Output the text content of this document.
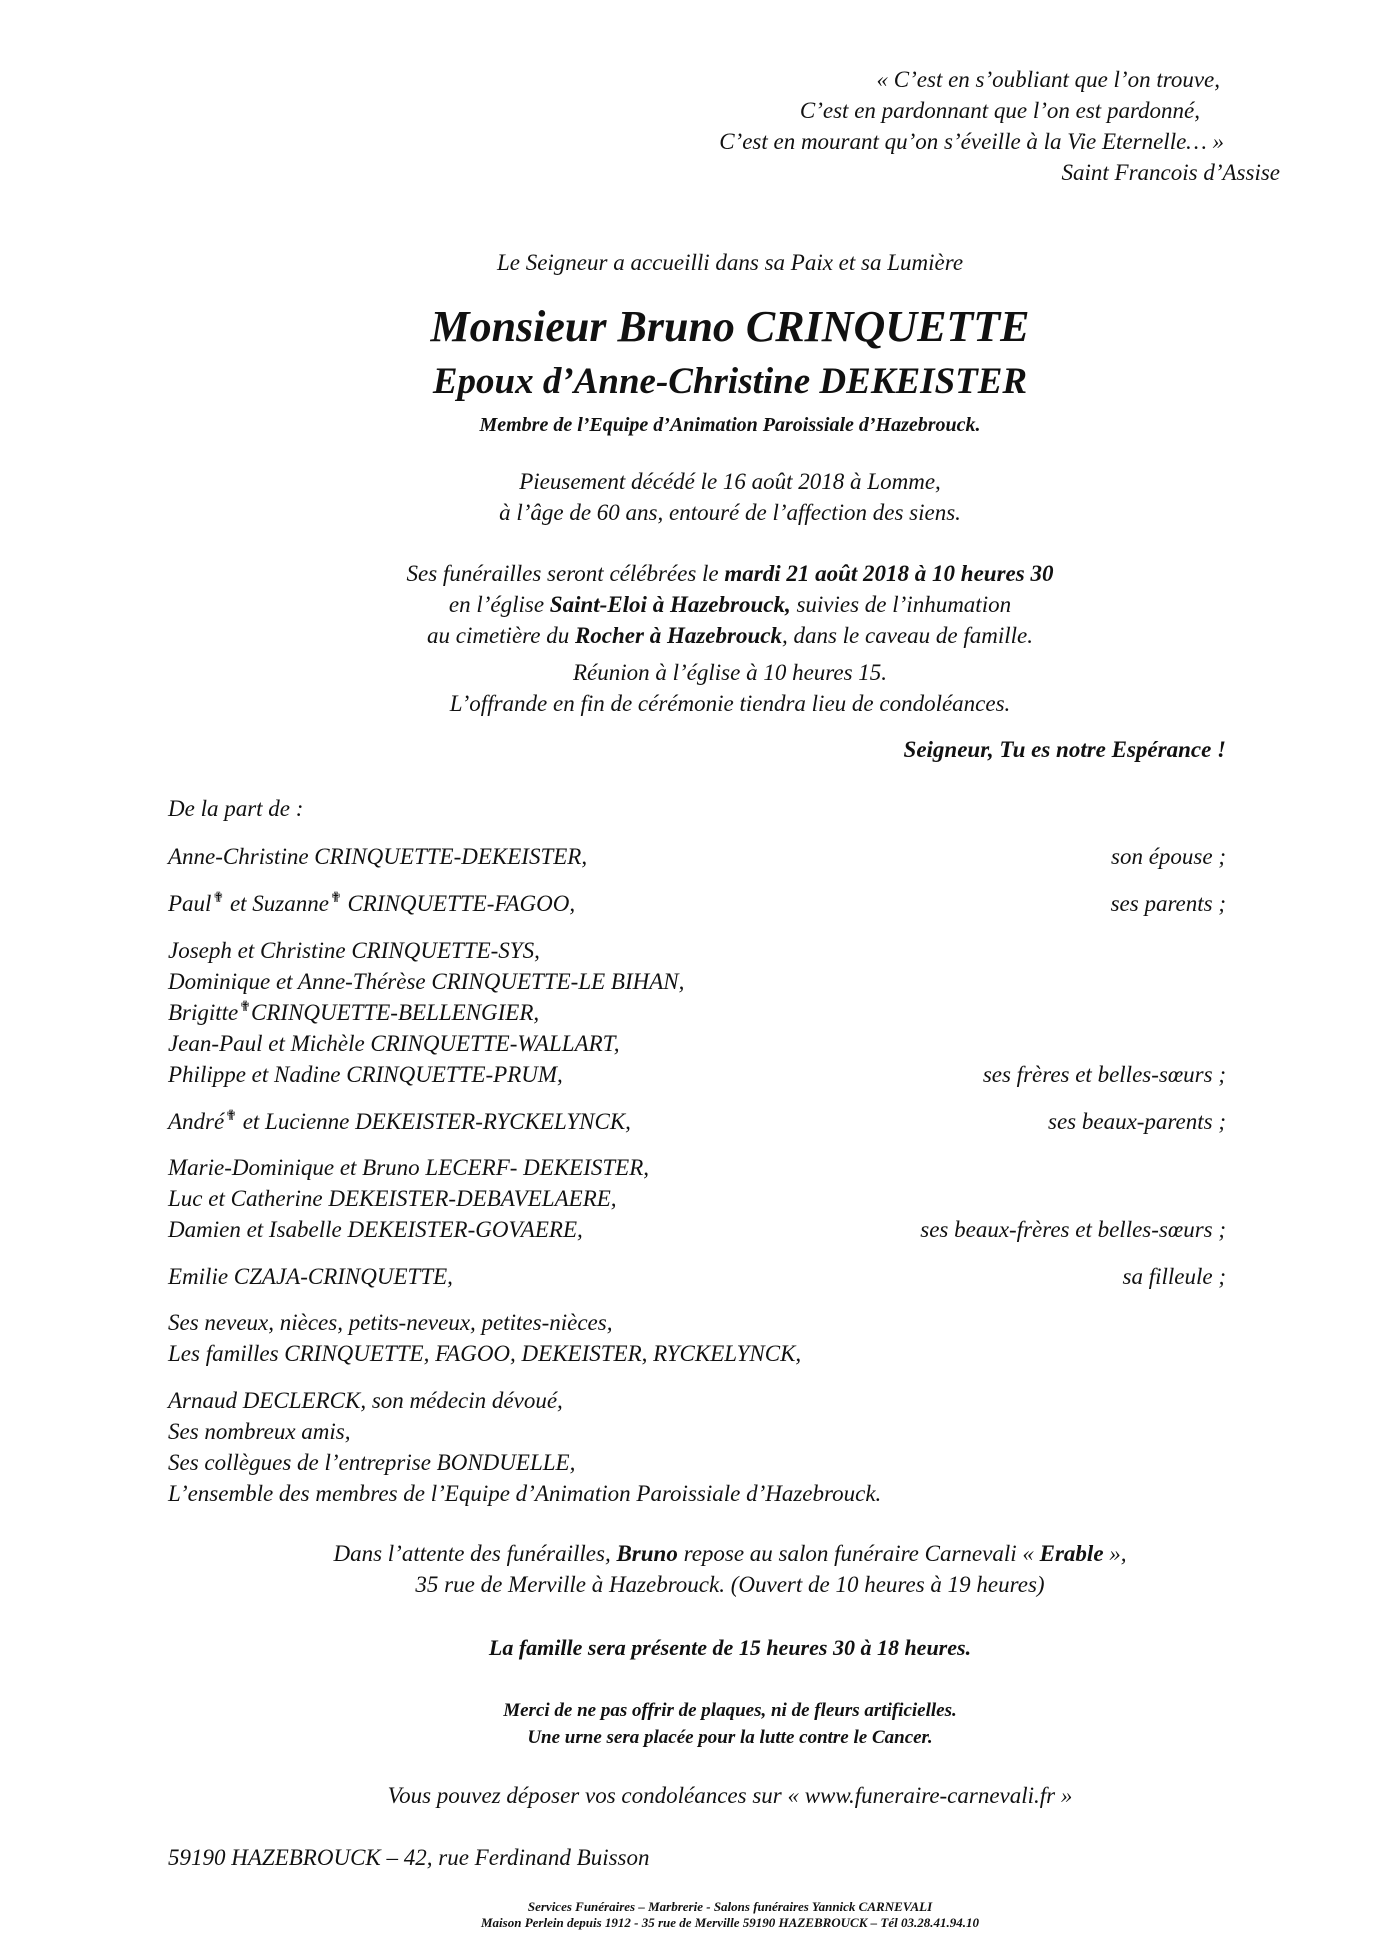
« C’est en s’oubliant que l’on trouve,
C’est en pardonnant que l’on est pardonné,
C’est en mourant qu’on s’éveille à la Vie Eternelle… »
Saint Francois d’Assise
Le Seigneur a accueilli dans sa Paix et sa Lumière
Monsieur Bruno CRINQUETTE
Epoux d’Anne-Christine DEKEISTER
Membre de l’Equipe d’Animation Paroissiale d’Hazebrouck.
Pieusement décédé le 16 août 2018 à Lomme,
à l’âge de 60 ans, entouré de l’affection des siens.
Ses funérailles seront célébrées le mardi 21 août 2018 à 10 heures 30
en l’église Saint-Eloi à Hazebrouck, suivies de l’inhumation
au cimetière du Rocher à Hazebrouck, dans le caveau de famille.
Réunion à l’église à 10 heures 15.
L’offrande en fin de cérémonie tiendra lieu de condoléances.
Seigneur, Tu es notre Espérance !
De la part de :
Anne-Christine CRINQUETTE-DEKEISTER,	son épouse ;
Paul✟ et Suzanne✟ CRINQUETTE-FAGOO,	ses parents ;
Joseph et Christine CRINQUETTE-SYS,
Dominique et Anne-Thérèse CRINQUETTE-LE BIHAN,
Brigitte✟CRINQUETTE-BELLENGIER,
Jean-Paul et Michèle CRINQUETTE-WALLART,
Philippe et Nadine CRINQUETTE-PRUM,	ses frères et belles-sœurs ;
André✟ et Lucienne DEKEISTER-RYCKELYNCK,	ses beaux-parents ;
Marie-Dominique et Bruno LECERF- DEKEISTER,
Luc et Catherine DEKEISTER-DEBAVELAERE,
Damien et Isabelle DEKEISTER-GOVAERE,	ses beaux-frères et belles-sœurs ;
Emilie CZAJA-CRINQUETTE,	sa filleule ;
Ses neveux, nièces, petits-neveux, petites-nièces,
Les familles CRINQUETTE, FAGOO, DEKEISTER, RYCKELYNCK,
Arnaud DECLERCK, son médecin dévoué,
Ses nombreux amis,
Ses collègues de l’entreprise BONDUELLE,
L’ensemble des membres de l’Equipe d’Animation Paroissiale d’Hazebrouck.
Dans l’attente des funérailles, Bruno repose au salon funéraire Carnevali « Erable »,
35 rue de Merville à Hazebrouck. (Ouvert de 10 heures à 19 heures)
La famille sera présente de 15 heures 30 à 18 heures.
Merci de ne pas offrir de plaques, ni de fleurs artificielles.
Une urne sera placée pour la lutte contre le Cancer.
Vous pouvez déposer vos condoléances sur « www.funeraire-carnevali.fr »
59190 HAZEBROUCK – 42, rue Ferdinand Buisson
Services Funéraires – Marbrerie - Salons funéraires Yannick CARNEVALI
Maison Perlein depuis 1912 - 35 rue de Merville 59190 HAZEBROUCK – Tél 03.28.41.94.10
